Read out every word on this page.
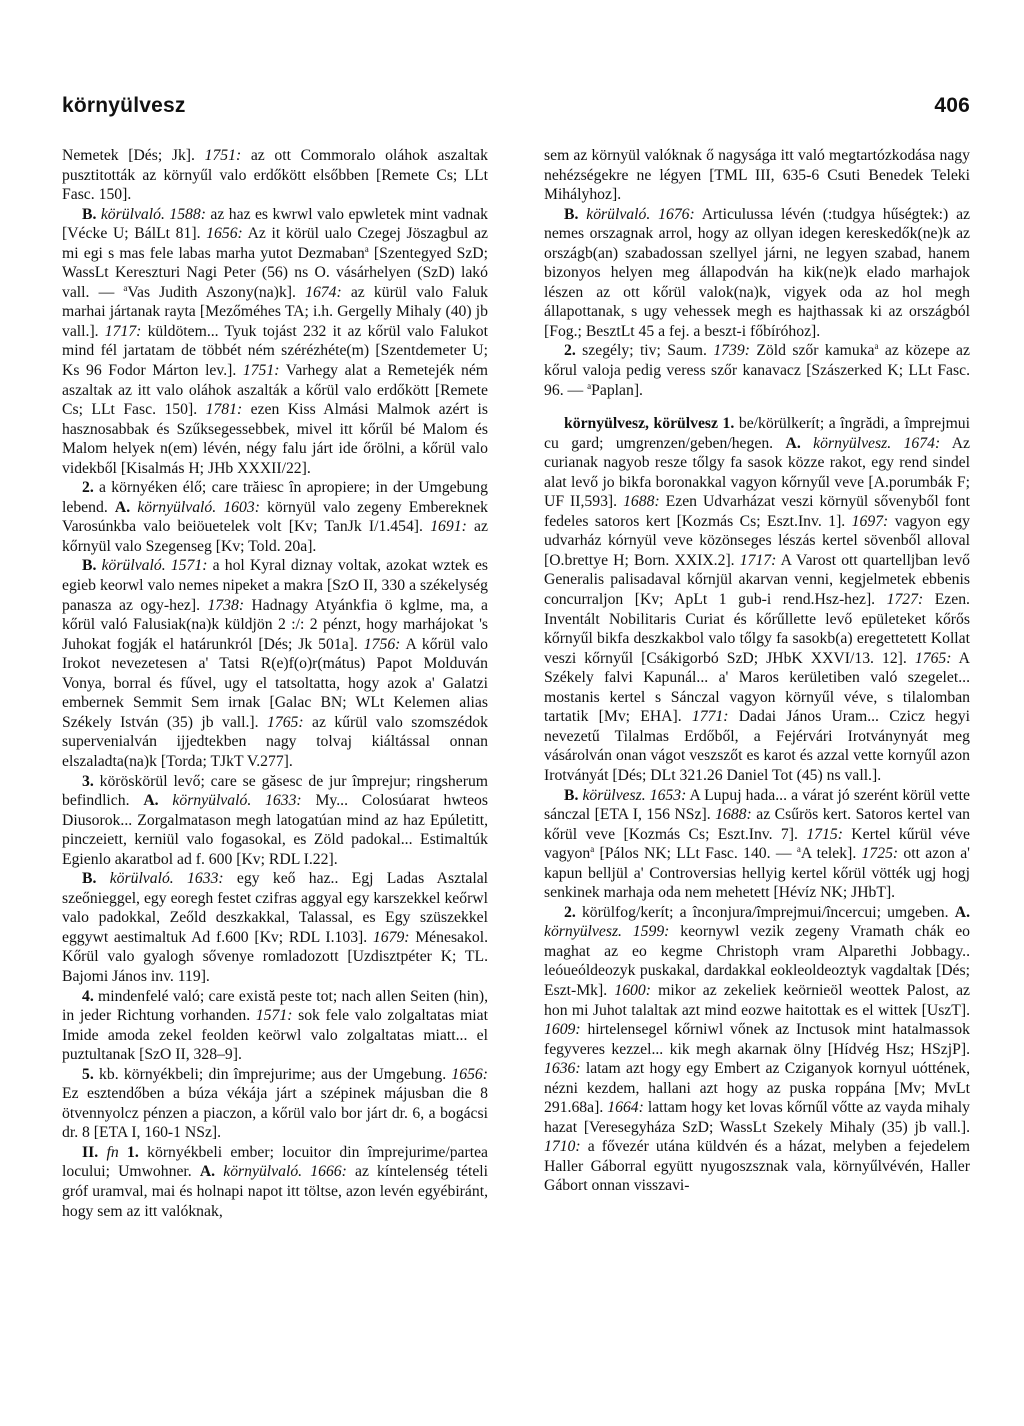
környülvesz	406

Nemetek [Dés; Jk]. 1751: az ott Commoralo oláhok aszaltak pusztitották az környűl valo erdőkött elsőbben [Remete Cs; LLt Fasc. 150].

B. körülvaló. 1588: az haz es kwrwl valo epwletek mint vadnak [Vécke U; BálLt 81]. 1656: Az it körül ualo Czegej Jöszagbul az mi egi s mas fele labas marha yutot Dezmaban$^a$ [Szentegyed SzD; WassLt Kereszturi Nagi Peter (56) ns O. vásárhelyen (SzD) lakó vall. — $^a$Vas Judith Aszony(na)k]. 1674: az kürül valo Faluk marhai jártanak rayta [Mezőméhes TA; i.h. Gergelly Mihaly (40) jb vall.]. 1717: küldötem... Tyuk tojást 232 it az kőrül valo Falukot mind fél jartatam de többét ném szérézhéte(m) [Szentdemeter U; Ks 96 Fodor Márton lev.]. 1751: Varhegy alat a Remetejék ném aszaltak az itt valo oláhok aszalták a kőrül valo erdőkött [Remete Cs; LLt Fasc. 150]. 1781: ezen Kiss Almási Malmok azért is hasznosabbak és Szűksegessebbek, mivel itt kőrűl bé Malom és Malom helyek n(em) lévén, négy falu járt ide őrölni, a kőrül valo videkből [Kisalmás H; JHb XXXII/22].

2. a környéken élő; care trăiesc în apropiere; in der Umgebung lebend. A. környülvaló. 1603: környül valo zegeny Embereknek Varosúnkba valo beiöuetelek volt [Kv; TanJk I/1.454]. 1691: az kőrnyül valo Szegenseg [Kv; Told. 20a].

B. körülvaló. 1571: a hol Kyral diznay voltak, azokat wztek es egieb keorwl valo nemes nipeket a makra [SzO II, 330 a székelység panasza az ogy-hez]. 1738: Hadnagy Atyánkfia ö kglme, ma, a kőrül való Falusiak(na)k küldjön 2 :/: 2 pénzt, hogy marhájokat 's Juhokat fogják el határunkról [Dés; Jk 501a]. 1756: A kőrül valo Irokot nevezetesen a' Tatsi R(e)f(o)r(mátus) Papot Molduván Vonya, borral és fűvel, ugy el tatsoltatta, hogy azok a' Galatzi embernek Semmit Sem irnak [Galac BN; WLt Kelemen alias Székely István (35) jb vall.]. 1765: az kűrül valo szomszédok supervenialván ijjedtekben nagy tolvaj kiáltással onnan elszaladta(na)k [Torda; TJkT V.277].

3. köröskörül levő; care se găsesc de jur împrejur; ringsherum befindlich. A. környülvaló. 1633: My... Colosúarat hwteos Diusorok... Zorgalmatason megh latogatúan mind az haz Epúletitt, pinczeiett, kerniül valo fogasokal, es Zöld padokal... Estimaltúk Egienlo akaratbol ad f. 600 [Kv; RDL I.22].

B. körülvaló. 1633: egy keő haz.. Egj Ladas Asztalal szeőnieggel, egy eoregh festet czifras aggyal egy karszekkel keőrwl valo padokkal, Zeőld deszkakkal, Talassal, es Egy szüszekkel eggywt aestimaltuk Ad f.600 [Kv; RDL I.103]. 1679: Ménesakol. Kőrül valo gyalogh sővenye romladozott [Uzdisztpéter K; TL. Bajomi János inv. 119].

4. mindenfelé való; care există peste tot; nach allen Seiten (hin), in jeder Richtung vorhanden. 1571: sok fele valo zolgaltatas miat Imide amoda zekel feolden keörwl valo zolgaltatas miatt... el puztultanak [SzO II, 328–9].

5. kb. környékbeli; din împrejurime; aus der Umgebung. 1656: Ez esztendőben a búza vékája járt a szépinek májusban die 8 ötvennyolcz pénzen a piaczon, a kőrül valo bor járt dr. 6, a bogácsi dr. 8 [ETA I, 160-1 NSz].

II. fn 1. környékbeli ember; locuitor din împrejurime/partea locului; Umwohner. A. környülvaló. 1666: az kíntelenség tételi gróf uramval, mai és holnapi napot itt töltse, azon levén egyébiránt, hogy sem az itt valóknak,

sem az környül valóknak ő nagysága itt való megtartózkodása nagy nehézségekre ne légyen [TML III, 635-6 Csuti Benedek Teleki Mihályhoz].

B. körülvaló. 1676: Articulussa lévén (:tudgya hűségtek:) az nemes orszagnak arrol, hogy az ollyan idegen kereskedők(ne)k az országb(an) szabadossan szellyel járni, ne legyen szabad, hanem bizonyos helyen meg állapodván ha kik(ne)k elado marhajok lészen az ott kőrül valok(na)k, vigyek oda az hol megh állapottanak, s ugy vehessek megh es hajthassak ki az országból [Fog.; BesztLt 45 a fej. a beszt-i főbíróhoz].

2. szegély; tiv; Saum. 1739: Zöld szőr kamuka$^a$ az közepe az kőrul valoja pedig veress szőr kanavacz [Szászerked K; LLt Fasc. 96. — $^a$Paplan].

környülvesz, körülvesz 1. be/körülkerít; a îngrădi, a împrejmui cu gard; umgrenzen/geben/hegen. A. környülvesz. 1674: Az curianak nagyob resze tőlgy fa sasok közze rakot, egy rend sindel alat levő jo bikfa boronakkal vagyon kőrnyűl veve [A.porumbák F; UF II,593]. 1688: Ezen Udvarházat veszi környül sővenyből font fedeles satoros kert [Kozmás Cs; Eszt.Inv. 1]. 1697: vagyon egy udvarház kórnyül veve közönseges lészás kertel sövenből alloval [O.brettye H; Born. XXIX.2]. 1717: A Varost ott quartelljban levő Generalis palisadaval kőrnjül akarvan venni, kegjelmetek ebbenis concurraljon [Kv; ApLt 1 gub-i rend.Hsz-hez]. 1727: Ezen. Inventált Nobilitaris Curiat és kőrűllette levő epületeket kőrős kőrnyűl bikfa deszkakbol valo tőlgy fa sasokb(a) eregettetett Kollat veszi kőrnyűl [Csákigorbó SzD; JHbK XXVI/13. 12]. 1765: A Székely falvi Kapunál... a' Maros kerületiben való szegelet... mostanis kertel s Sánczal vagyon környűl véve, s tilalomban tartatik [Mv; EHA]. 1771: Dadai János Uram... Czicz hegyi nevezetű Tilalmas Erdőből, a Fejérvári Irotványnyát meg vásárolván onan vágot veszszőt es karot és azzal vette kornyűl azon Irotványát [Dés; DLt 321.26 Daniel Tot (45) ns vall.].

B. körülvesz. 1653: A Lupuj hada... a várat jó szerént körül vette sánczal [ETA I, 156 NSz]. 1688: az Csűrös kert. Satoros kertel van kőrül veve [Kozmás Cs; Eszt.Inv. 7]. 1715: Kertel kűrül véve vagyon$^a$ [Pálos NK; LLt Fasc. 140. — $^a$A telek]. 1725: ott azon a' kapun belljül a' Controversias hellyig kertel kőrül vötték ugj hogj senkinek marhaja oda nem mehetett [Hévíz NK; JHbT].

2. körülfog/kerít; a înconjura/împrejmui/încercui; umgeben. A. környülvesz. 1599: keornywl vezik zegeny Vramath chák eo maghat az eo kegme Christoph vram Alparethi Jobbagy.. leóueóldeozyk puskakal, dardakkal eokleoldeoztyk vagdaltak [Dés; Eszt-Mk]. 1600: mikor az zekeliek keörnieöl weottek Palost, az hon mi Juhot talaltak azt mind eozwe haitottak es el wittek [UszT]. 1609: hirtelensegel kőrniwl vőnek az Inctusok mint hatalmassok fegyveres kezzel... kik megh akarnak ölny [Hídvég Hsz; HSzjP]. 1636: latam azt hogy egy Embert az Cziganyok kornyul uóttének, nézni kezdem, hallani azt hogy az puska roppána [Mv; MvLt 291.68a]. 1664: lattam hogy ket lovas kőrnűl vőtte az vayda mihaly hazat [Veresegyháza SzD; WassLt Szekely Mihaly (35) jb vall.]. 1710: a fővezér utána küldvén és a házat, melyben a fejedelem Haller Gáborral együtt nyugoszsznak vala, környűlvévén, Haller Gábort onnan visszavi-
